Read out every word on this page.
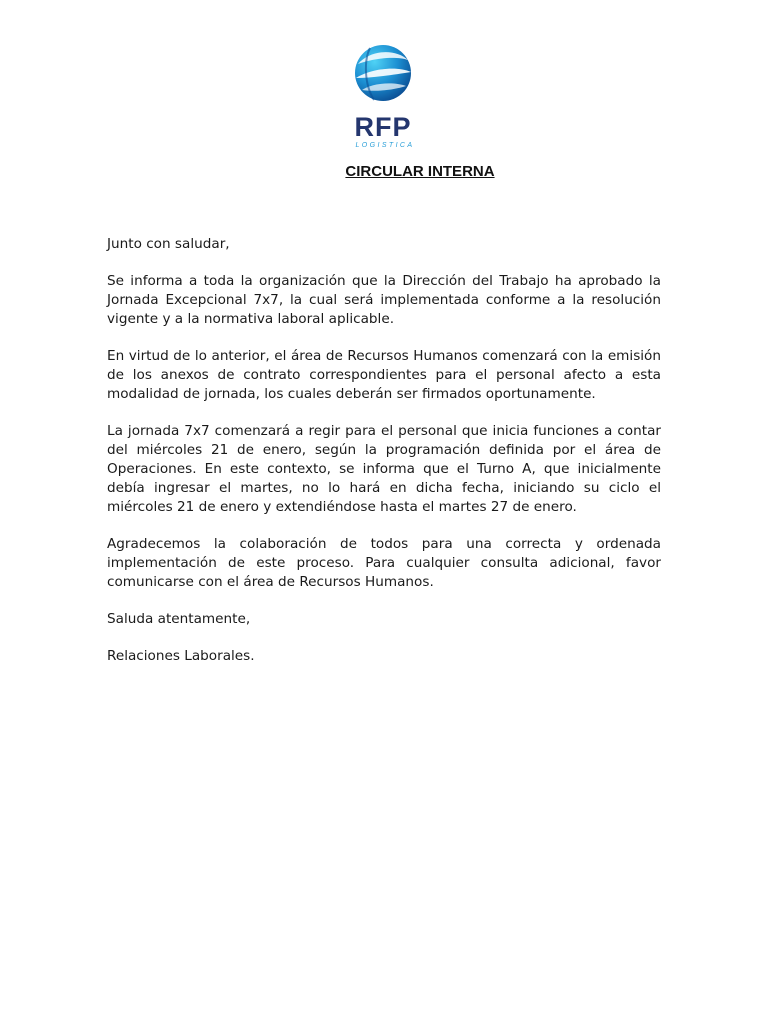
RFP
LOGISTICA
CIRCULAR INTERNA

Junto con saludar,

Se informa a toda la organización que la Dirección del Trabajo ha aprobado la Jornada Excepcional 7x7, la cual será implementada conforme a la resolución vigente y a la normativa laboral aplicable.

En virtud de lo anterior, el área de Recursos Humanos comenzará con la emisión de los anexos de contrato correspondientes para el personal afecto a esta modalidad de jornada, los cuales deberán ser firmados oportunamente.

La jornada 7x7 comenzará a regir para el personal que inicia funciones a contar del miércoles 21 de enero, según la programación definida por el área de Operaciones. En este contexto, se informa que el Turno A, que inicialmente debía ingresar el martes, no lo hará en dicha fecha, iniciando su ciclo el miércoles 21 de enero y extendiéndose hasta el martes 27 de enero.

Agradecemos la colaboración de todos para una correcta y ordenada implementación de este proceso. Para cualquier consulta adicional, favor comunicarse con el área de Recursos Humanos.

Saluda atentamente,

Relaciones Laborales.
